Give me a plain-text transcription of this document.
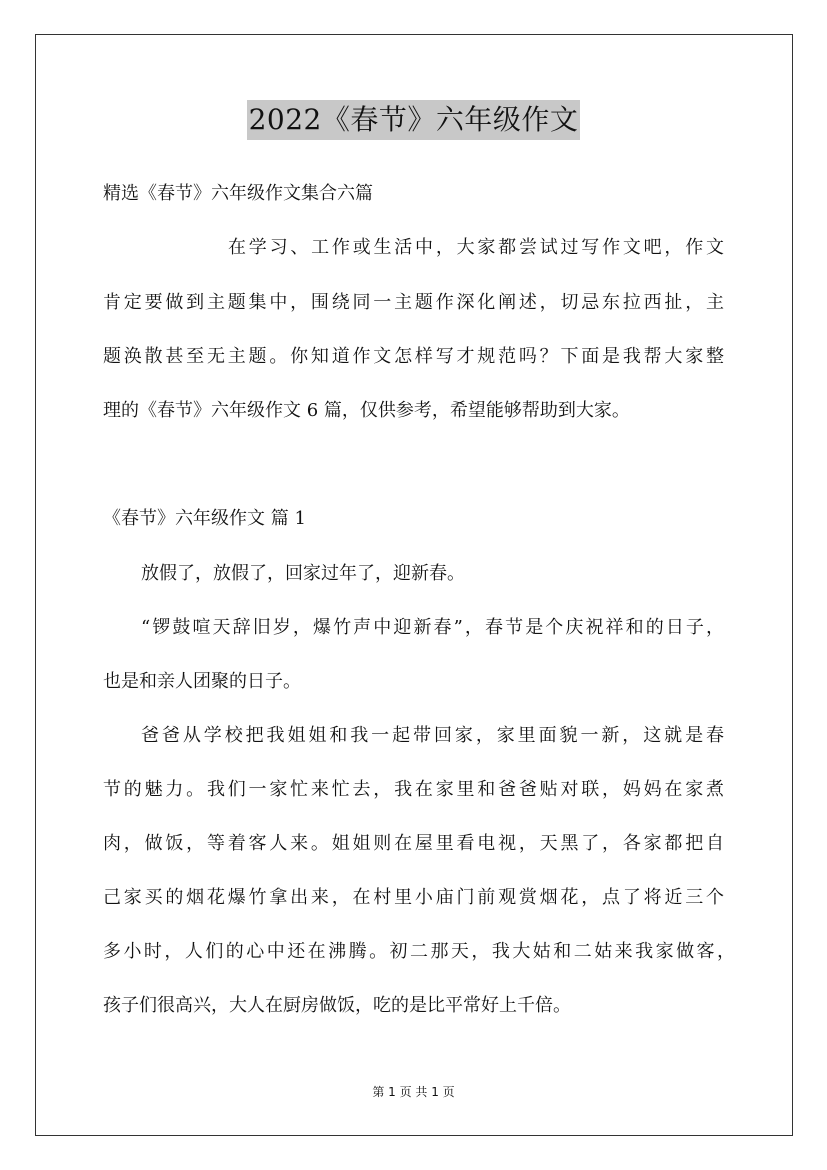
2022《春节》六年级作文
精选《春节》六年级作文集合六篇
在学习、工作或生活中，大家都尝试过写作文吧，作文
肯定要做到主题集中，围绕同一主题作深化阐述，切忌东拉西扯，主
题涣散甚至无主题。你知道作文怎样写才规范吗？下面是我帮大家整
理的《春节》六年级作文 6 篇，仅供参考，希望能够帮助到大家。
《春节》六年级作文 篇 1
放假了，放假了，回家过年了，迎新春。
“锣鼓喧天辞旧岁，爆竹声中迎新春”，春节是个庆祝祥和的日子，
也是和亲人团聚的日子。
爸爸从学校把我姐姐和我一起带回家，家里面貌一新，这就是春
节的魅力。我们一家忙来忙去，我在家里和爸爸贴对联，妈妈在家煮
肉，做饭，等着客人来。姐姐则在屋里看电视，天黑了，各家都把自
己家买的烟花爆竹拿出来，在村里小庙门前观赏烟花，点了将近三个
多小时，人们的心中还在沸腾。初二那天，我大姑和二姑来我家做客，
孩子们很高兴，大人在厨房做饭，吃的是比平常好上千倍。
第 1 页 共 1 页
